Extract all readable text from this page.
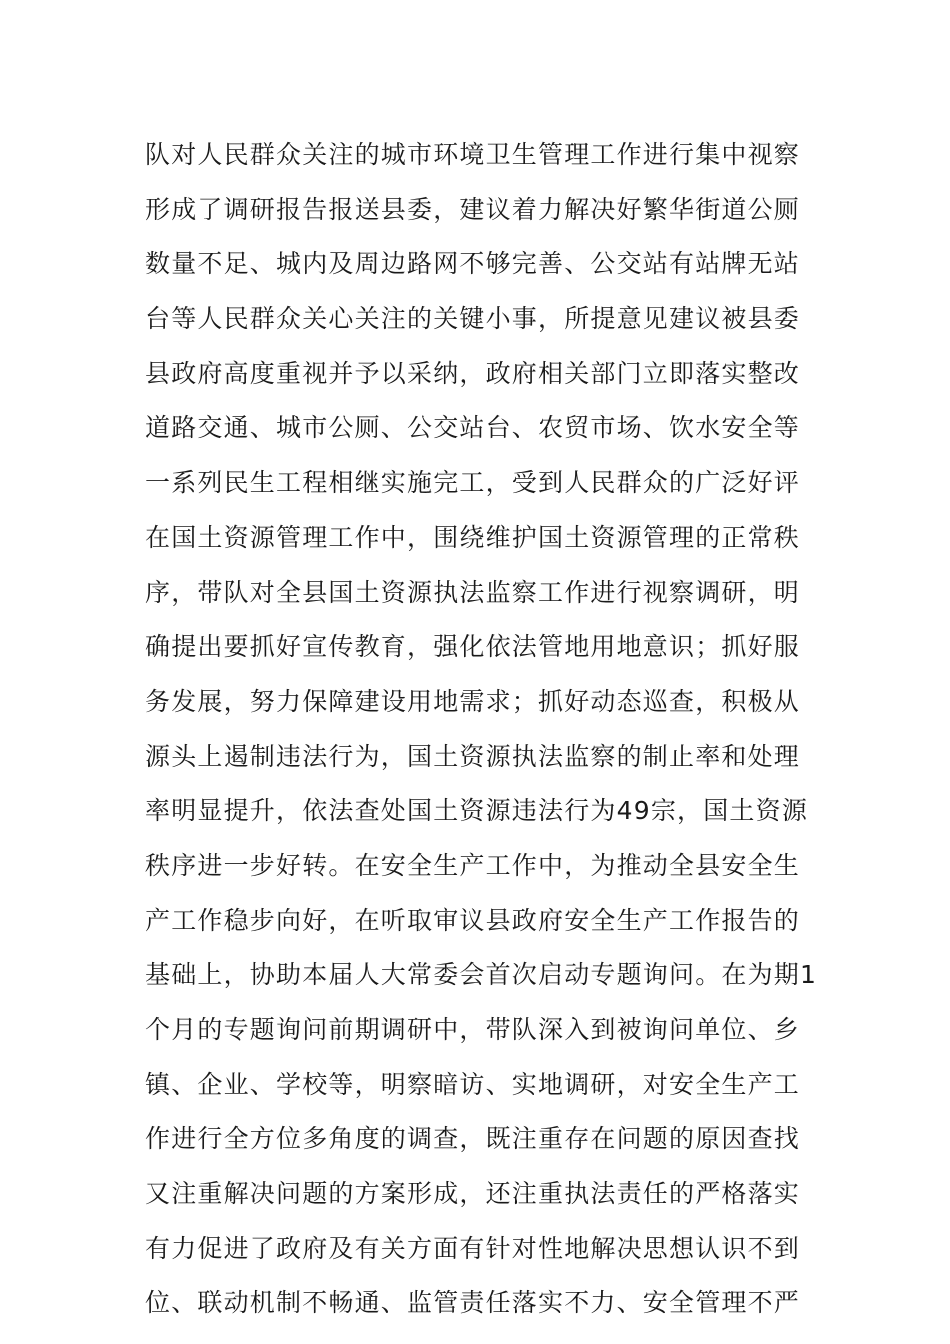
队对人民群众关注的城市环境卫生管理工作进行集中视察
形成了调研报告报送县委，建议着力解决好繁华街道公厕
数量不足、城内及周边路网不够完善、公交站有站牌无站
台等人民群众关心关注的关键小事，所提意见建议被县委
县政府高度重视并予以采纳，政府相关部门立即落实整改
道路交通、城市公厕、公交站台、农贸市场、饮水安全等
一系列民生工程相继实施完工，受到人民群众的广泛好评
在国土资源管理工作中，围绕维护国土资源管理的正常秩
序，带队对全县国土资源执法监察工作进行视察调研，明
确提出要抓好宣传教育，强化依法管地用地意识；抓好服
务发展，努力保障建设用地需求；抓好动态巡查，积极从
源头上遏制违法行为，国土资源执法监察的制止率和处理
率明显提升，依法查处国土资源违法行为49宗，国土资源
秩序进一步好转。在安全生产工作中，为推动全县安全生
产工作稳步向好，在听取审议县政府安全生产工作报告的
基础上，协助本届人大常委会首次启动专题询问。在为期1
个月的专题询问前期调研中，带队深入到被询问单位、乡
镇、企业、学校等，明察暗访、实地调研，对安全生产工
作进行全方位多角度的调查，既注重存在问题的原因查找
又注重解决问题的方案形成，还注重执法责任的严格落实
有力促进了政府及有关方面有针对性地解决思想认识不到
位、联动机制不畅通、监管责任落实不力、安全管理不严
